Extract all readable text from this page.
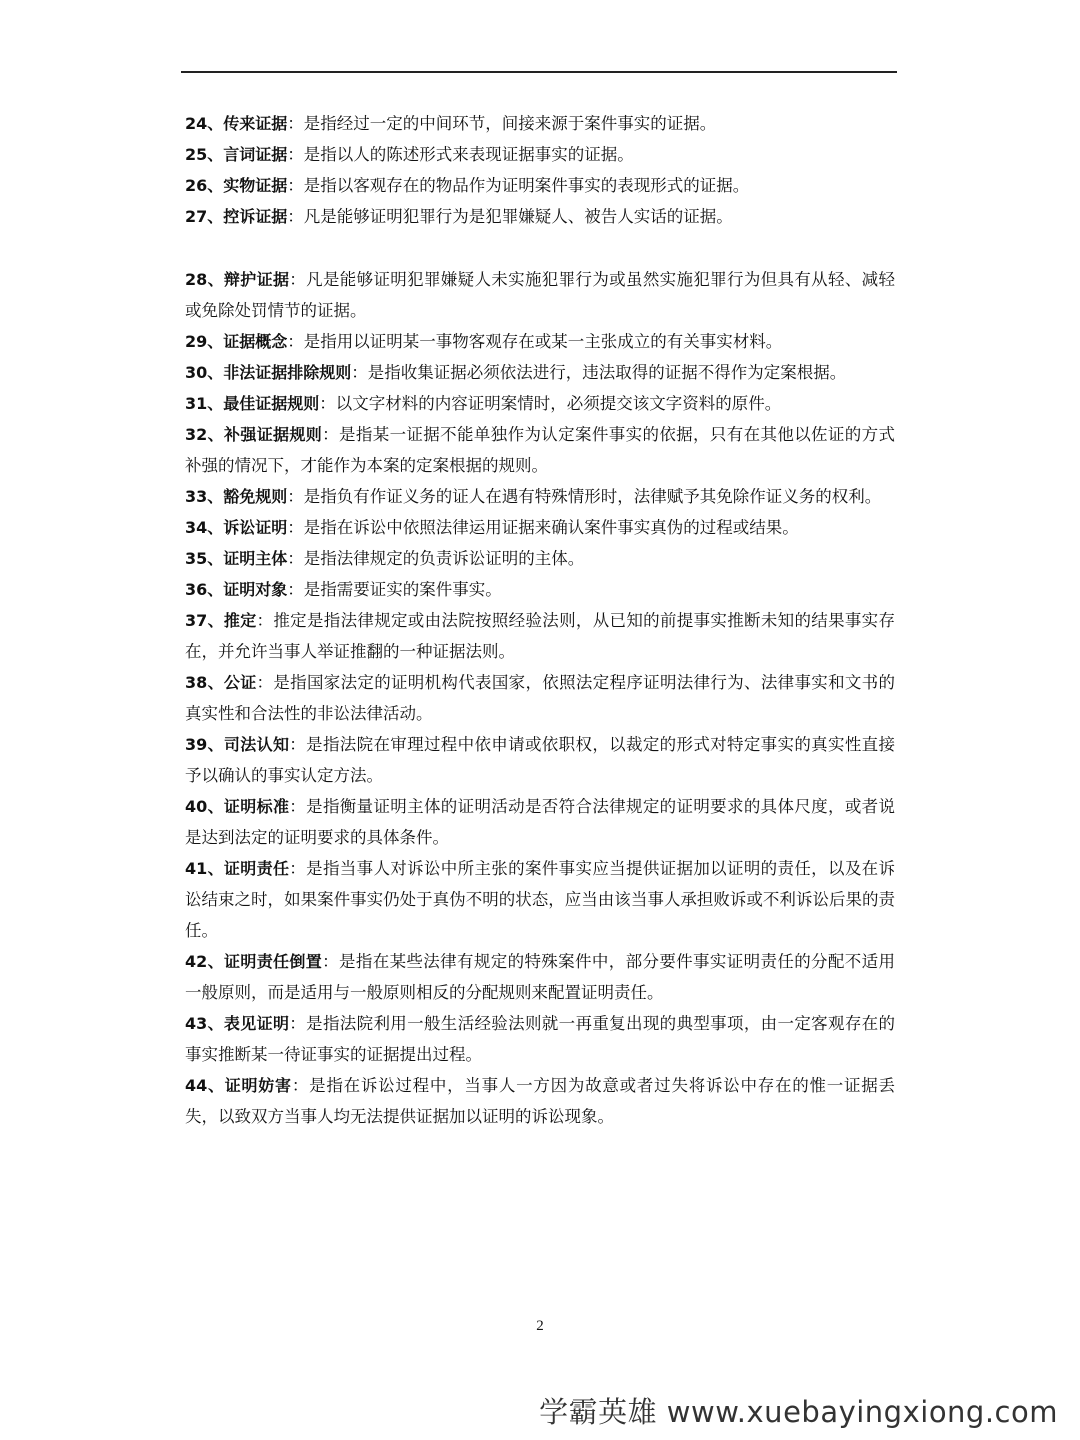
24、传来证据：是指经过一定的中间环节，间接来源于案件事实的证据。

25、言词证据：是指以人的陈述形式来表现证据事实的证据。

26、实物证据：是指以客观存在的物品作为证明案件事实的表现形式的证据。

27、控诉证据：凡是能够证明犯罪行为是犯罪嫌疑人、被告人实话的证据。

28、辩护证据：凡是能够证明犯罪嫌疑人未实施犯罪行为或虽然实施犯罪行为但具有从轻、减轻或免除处罚情节的证据。

29、证据概念：是指用以证明某一事物客观存在或某一主张成立的有关事实材料。

30、非法证据排除规则：是指收集证据必须依法进行，违法取得的证据不得作为定案根据。

31、最佳证据规则：以文字材料的内容证明案情时，必须提交该文字资料的原件。

32、补强证据规则：是指某一证据不能单独作为认定案件事实的依据，只有在其他以佐证的方式补强的情况下，才能作为本案的定案根据的规则。

33、豁免规则：是指负有作证义务的证人在遇有特殊情形时，法律赋予其免除作证义务的权利。

34、诉讼证明：是指在诉讼中依照法律运用证据来确认案件事实真伪的过程或结果。

35、证明主体：是指法律规定的负责诉讼证明的主体。

36、证明对象：是指需要证实的案件事实。

37、推定：推定是指法律规定或由法院按照经验法则，从已知的前提事实推断未知的结果事实存在，并允许当事人举证推翻的一种证据法则。

38、公证：是指国家法定的证明机构代表国家，依照法定程序证明法律行为、法律事实和文书的真实性和合法性的非讼法律活动。

39、司法认知：是指法院在审理过程中依申请或依职权，以裁定的形式对特定事实的真实性直接予以确认的事实认定方法。

40、证明标准：是指衡量证明主体的证明活动是否符合法律规定的证明要求的具体尺度，或者说是达到法定的证明要求的具体条件。

41、证明责任：是指当事人对诉讼中所主张的案件事实应当提供证据加以证明的责任，以及在诉讼结束之时，如果案件事实仍处于真伪不明的状态，应当由该当事人承担败诉或不利诉讼后果的责任。

42、证明责任倒置：是指在某些法律有规定的特殊案件中，部分要件事实证明责任的分配不适用一般原则，而是适用与一般原则相反的分配规则来配置证明责任。

43、表见证明：是指法院利用一般生活经验法则就一再重复出现的典型事项，由一定客观存在的事实推断某一待证事实的证据提出过程。

44、证明妨害：是指在诉讼过程中，当事人一方因为故意或者过失将诉讼中存在的惟一证据丢失，以致双方当事人均无法提供证据加以证明的诉讼现象。

2
学霸英雄 www.xuebayingxiong.com
